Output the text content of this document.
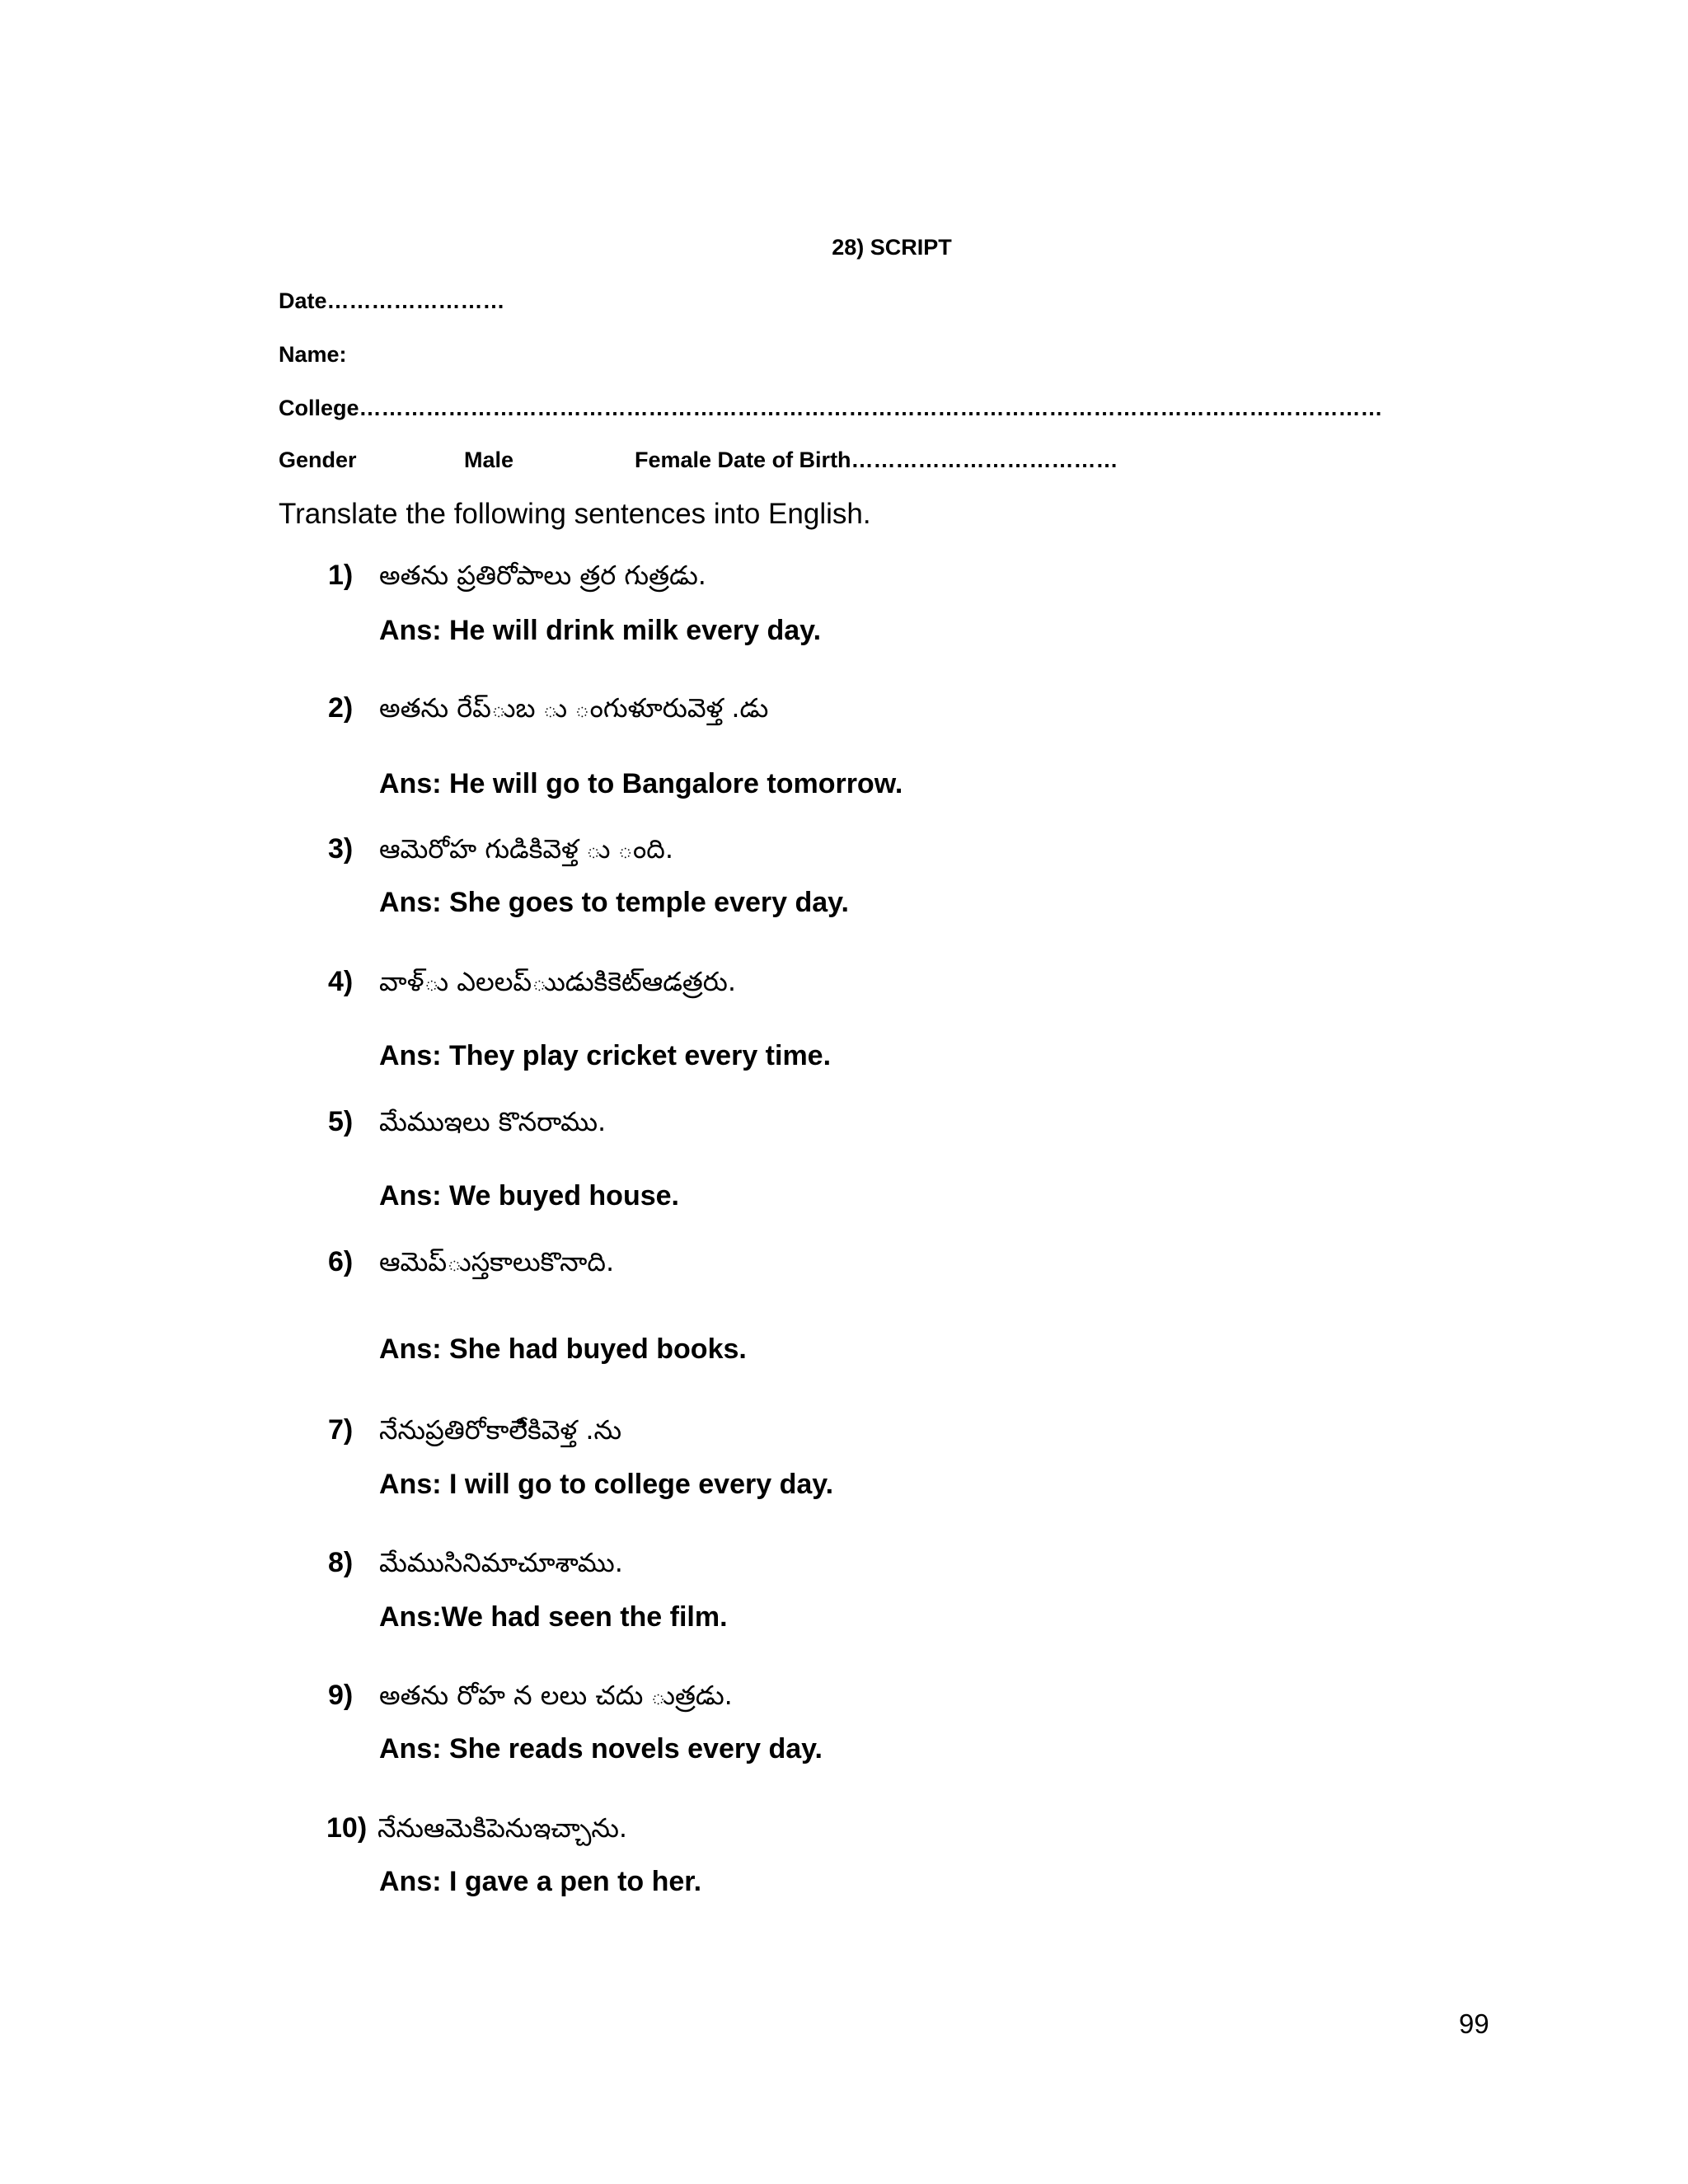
28) SCRIPT
Date……………………
Name:
College…………………………………………………………………………………………………………………………
Gender	Male	Female Date of Birth………………………………
Translate the following sentences into English.
1) అతను ప్రతిరోపాలు త్రర గుత్రడు.
Ans: He will drink milk every day.
2) అతను రేప్ుబ ు ంగుళూరువెళ్త .డు
Ans: He will go to Bangalore tomorrow.
3) ఆమెరోహ గుడికివెళ్త ు ంది.
Ans: She goes to temple every day.
4) వాళ్ు ఎలలప్ుుడుకిికెట్ఆడత్రరు.
Ans: They play cricket every time.
5) మేముఇలు కొనరాము.
Ans: We buyed house.
6) ఆమెప్ుస్తకాలుకొనాది.
Ans: She had buyed books.
7) నేనుప్రతిరోకాలేిికివెళ్త .ను
Ans: I will go to college every day.
8) మేముసినిమాచూశాము.
Ans:We had seen the film.
9) అతను రోహ న లలు చదు ుత్రడు.
Ans: She reads novels every day.
10) నేనుఆమెకిపెనుఇచ్చాను.
Ans: I gave a pen to her.
99
